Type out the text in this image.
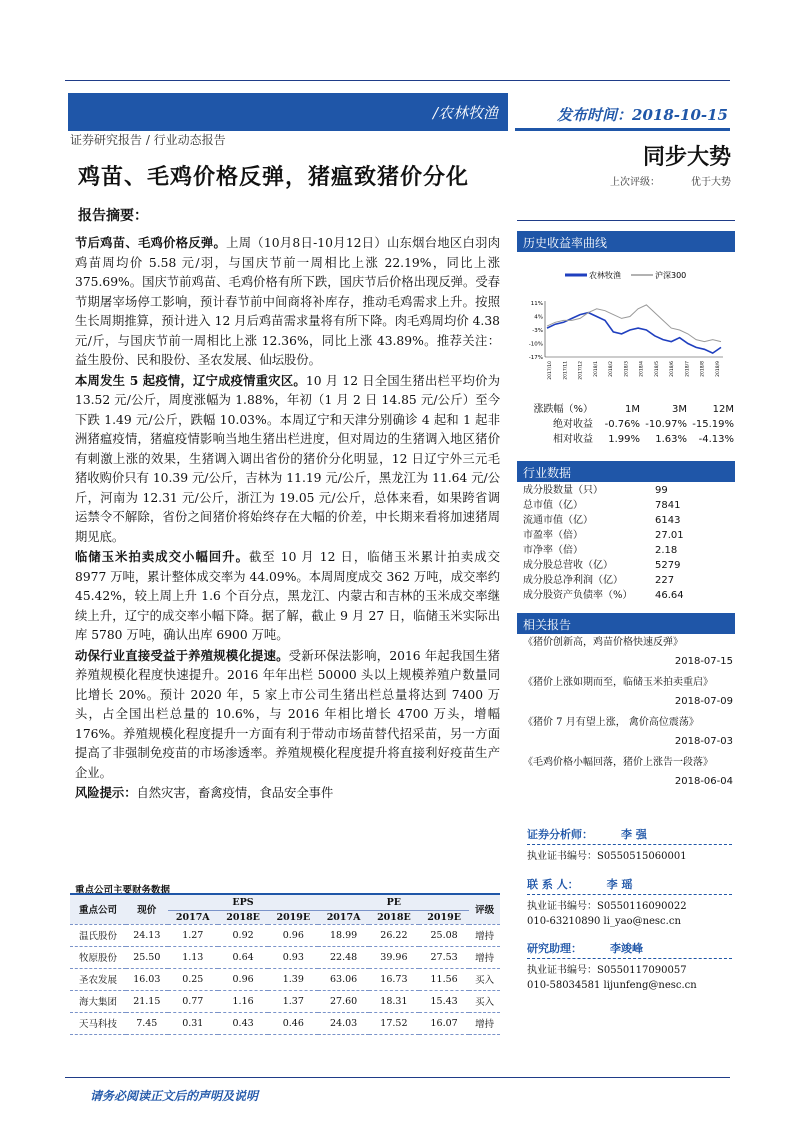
/农林牧渔	发布时间：2018-10-15
证券研究报告 / 行业动态报告
鸡苗、毛鸡价格反弹，猪瘟致猪价分化
同步大势
上次评级：	优于大势
报告摘要：

节后鸡苗、毛鸡价格反弹。上周（10月8日-10月12日）山东烟台地区白羽肉鸡苗周均价 5.58 元/羽，与国庆节前一周相比上涨 22.19%，同比上涨 375.69%。国庆节前鸡苗、毛鸡价格有所下跌，国庆节后价格出现反弹。受春节期屠宰场停工影响，预计春节前中间商将补库存，推动毛鸡需求上升。按照生长周期推算，预计进入 12 月后鸡苗需求量将有所下降。肉毛鸡周均价 4.38 元/斤，与国庆节前一周相比上涨 12.36%，同比上涨 43.89%。推荐关注：益生股份、民和股份、圣农发展、仙坛股份。

本周发生 5 起疫情，辽宁成疫情重灾区。10 月 12 日全国生猪出栏平均价为 13.52 元/公斤，周度涨幅为 1.88%，年初（1 月 2 日 14.85 元/公斤）至今下跌 1.49 元/公斤，跌幅 10.03%。本周辽宁和天津分别确诊 4 起和 1 起非洲猪瘟疫情，猪瘟疫情影响当地生猪出栏进度，但对周边的生猪调入地区猪价有刺激上涨的效果，生猪调入调出省份的猪价分化明显，12 日辽宁外三元毛猪收购价只有 10.39 元/公斤，吉林为 11.19 元/公斤，黑龙江为 11.64 元/公斤，河南为 12.31 元/公斤，浙江为 19.05 元/公斤，总体来看，如果跨省调运禁令不解除，省份之间猪价将始终存在大幅的价差，中长期来看将加速猪周期见底。

临储玉米拍卖成交小幅回升。截至 10 月 12 日，临储玉米累计拍卖成交 8977 万吨，累计整体成交率为 44.09%。本周周度成交 362 万吨，成交率约 45.42%，较上周上升 1.6 个百分点，黑龙江、内蒙古和吉林的玉米成交率继续上升，辽宁的成交率小幅下降。据了解，截止 9 月 27 日，临储玉米实际出库 5780 万吨，确认出库 6900 万吨。

动保行业直接受益于养殖规模化提速。受新环保法影响，2016 年起我国生猪养殖规模化程度快速提升。2016 年年出栏 50000 头以上规模养殖户数量同比增长 20%。预计 2020 年，5 家上市公司生猪出栏总量将达到 7400 万头，占全国出栏总量的 10.6%，与 2016 年相比增长 4700 万头，增幅 176%。养殖规模化程度提升一方面有利于带动市场苗替代招采苗，另一方面提高了非强制免疫苗的市场渗透率。养殖规模化程度提升将直接利好疫苗生产企业。

风险提示：自然灾害，畜禽疫情，食品安全事件

历史收益率曲线
农林牧渔	沪深300
11%
4%
-3%
-10%
-17%
2017/10 2017/11 2017/12 2018/1 2018/2 2018/3 2018/4 2018/5 2018/6 2018/7 2018/8 2018/9
涨跌幅（%）	1M	3M	12M
绝对收益	-0.76% -10.97% -15.19%
相对收益	1.99%	1.63%	-4.13%
行业数据
成分股数量（只）	99
总市值（亿）	7841
流通市值（亿）	6143
市盈率（倍）	27.01
市净率（倍）	2.18
成分股总营收（亿）	5279
成分股总净利润（亿）	227
成分股资产负债率（%）	46.64
相关报告
《猪价创新高，鸡苗价格快速反弹》
2018-07-15
《猪价上涨如期而至，临储玉米拍卖重启》
2018-07-09
《猪价 7 月有望上涨， 禽价高位震荡》
2018-07-03
《毛鸡价格小幅回落，猪价上涨告一段落》
2018-06-04
证券分析师：	李 强
执业证书编号：S0550515060001
联 系 人：	李 瑶
执业证书编号：S0550116090022
010-63210890 li_yao@nesc.cn
研究助理：	李竣峰
执业证书编号：S0550117090057
010-58034581 lijunfeng@nesc.cn
重点公司主要财务数据
重点公司	现价	EPS			PE			评级
		2017A	2018E	2019E	2017A	2018E	2019E	
温氏股份	24.13	1.27	0.92	0.96	18.99	26.22	25.08	增持
牧原股份	25.50	1.13	0.64	0.93	22.48	39.96	27.53	增持
圣农发展	16.03	0.25	0.96	1.39	63.06	16.73	11.56	买入
海大集团	21.15	0.77	1.16	1.37	27.60	18.31	15.43	买入
天马科技	7.45	0.31	0.43	0.46	24.03	17.52	16.07	增持
请务必阅读正文后的声明及说明
